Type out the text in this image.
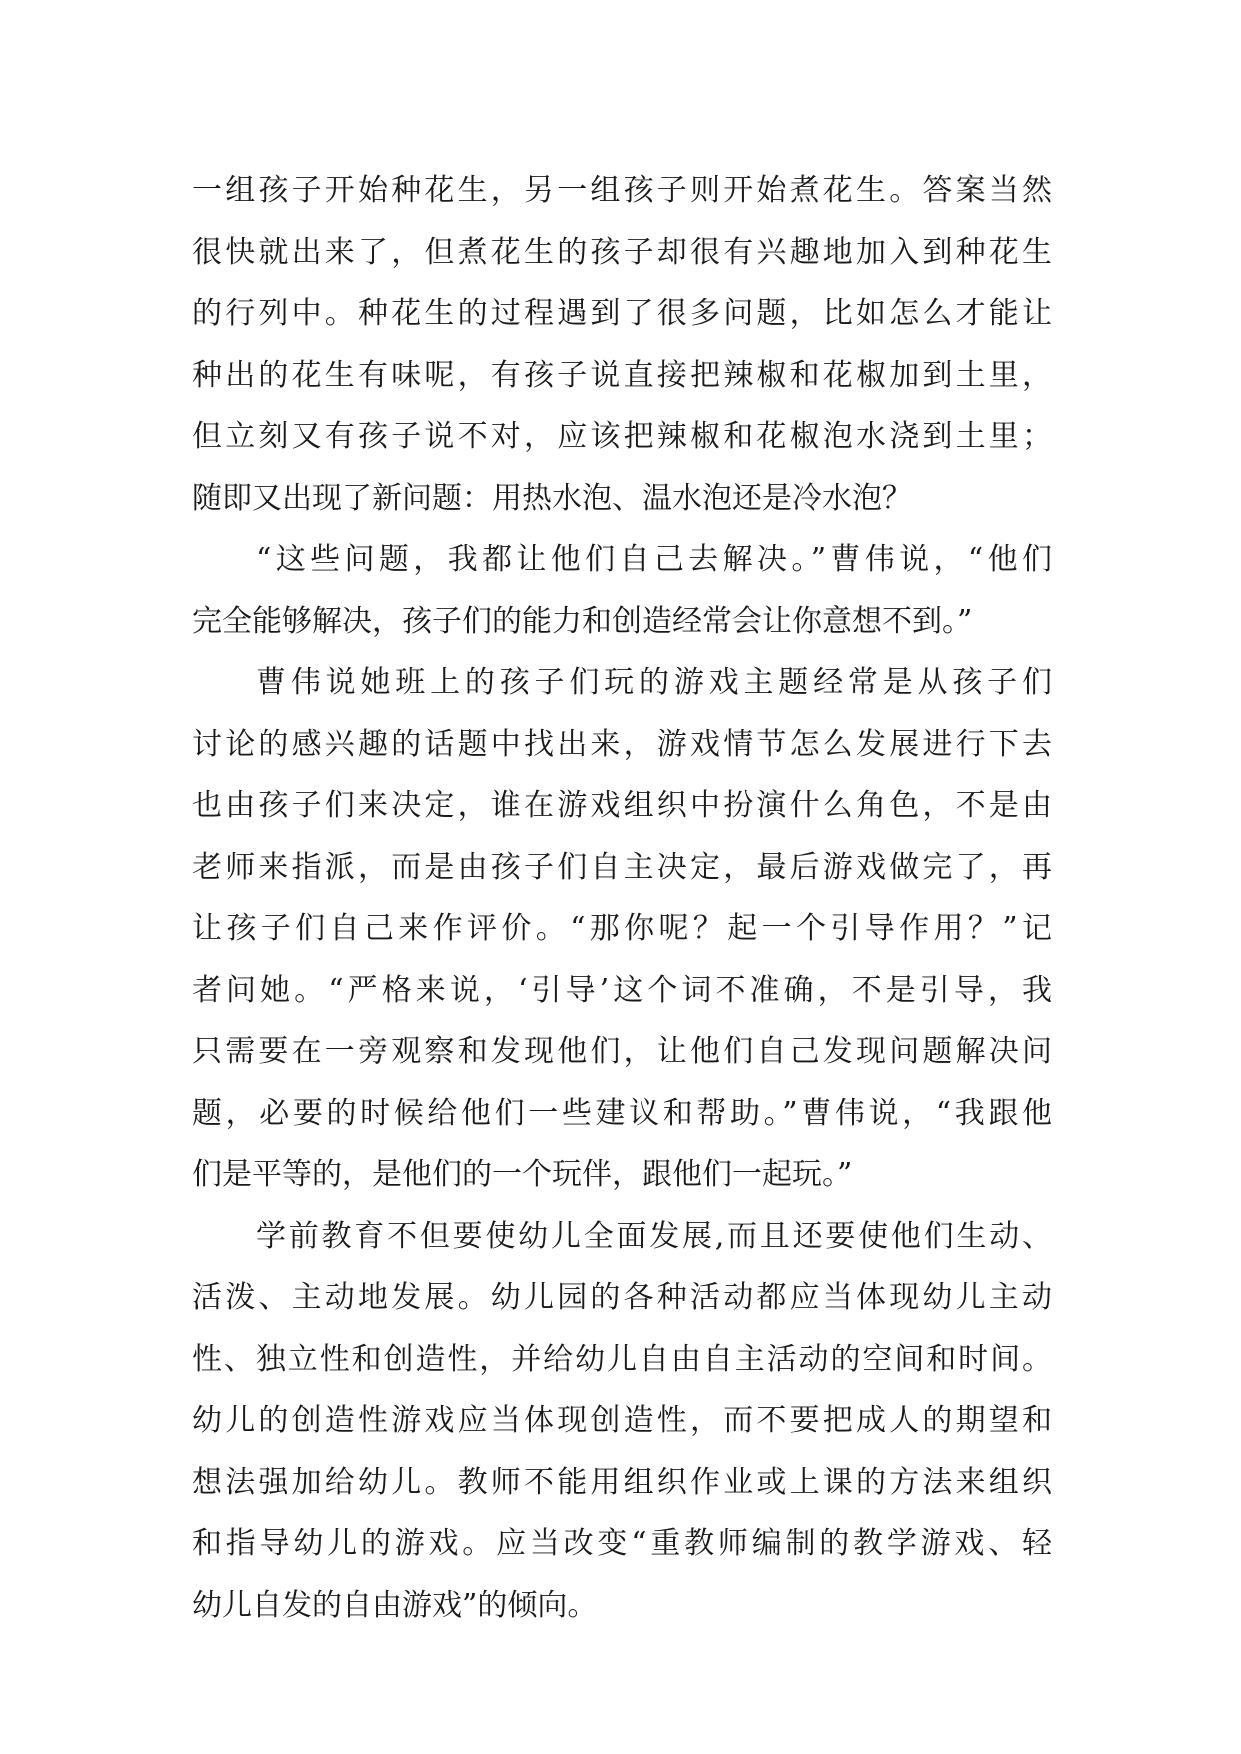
一组孩子开始种花生，另一组孩子则开始煮花生。答案当然
很快就出来了，但煮花生的孩子却很有兴趣地加入到种花生
的行列中。种花生的过程遇到了很多问题，比如怎么才能让
种出的花生有味呢，有孩子说直接把辣椒和花椒加到土里，
但立刻又有孩子说不对，应该把辣椒和花椒泡水浇到土里；
随即又出现了新问题：用热水泡、温水泡还是冷水泡？
“这些问题，我都让他们自己去解决。”曹伟说，“他们
完全能够解决，孩子们的能力和创造经常会让你意想不到。”
曹伟说她班上的孩子们玩的游戏主题经常是从孩子们
讨论的感兴趣的话题中找出来，游戏情节怎么发展进行下去
也由孩子们来决定，谁在游戏组织中扮演什么角色，不是由
老师来指派，而是由孩子们自主决定，最后游戏做完了，再
让孩子们自己来作评价。“那你呢？起一个引导作用？”记
者问她。“严格来说，‘引导’这个词不准确，不是引导，我
只需要在一旁观察和发现他们，让他们自己发现问题解决问
题，必要的时候给他们一些建议和帮助。”曹伟说，“我跟他
们是平等的，是他们的一个玩伴，跟他们一起玩。”
学前教育不但要使幼儿全面发展,而且还要使他们生动、
活泼、主动地发展。幼儿园的各种活动都应当体现幼儿主动
性、独立性和创造性，并给幼儿自由自主活动的空间和时间。
幼儿的创造性游戏应当体现创造性，而不要把成人的期望和
想法强加给幼儿。教师不能用组织作业或上课的方法来组织
和指导幼儿的游戏。应当改变“重教师编制的教学游戏、轻
幼儿自发的自由游戏”的倾向。
